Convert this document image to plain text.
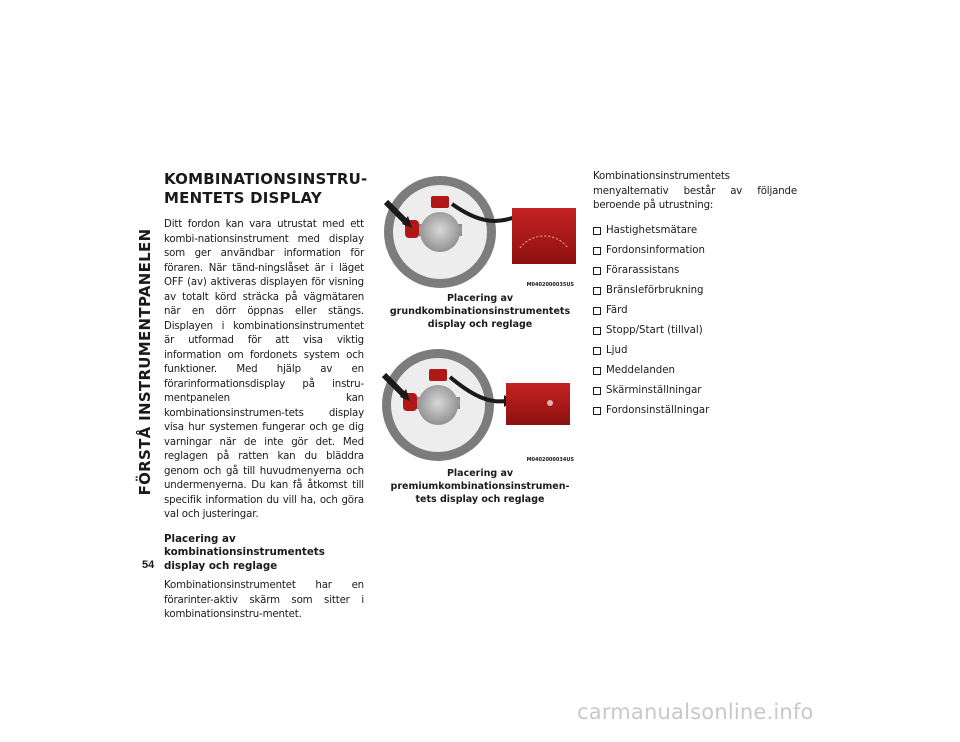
FÖRSTÅ INSTRUMENTPANELEN
54
KOMBINATIONSINSTRU-
MENTETS DISPLAY

Ditt fordon kan vara utrustat med ett kombi-nationsinstrument med display som ger användbar information för föraren. När tänd-ningslåset är i läget OFF (av) aktiveras displayen för visning av totalt körd sträcka på vägmätaren när en dörr öppnas eller stängs. Displayen i kombinationsinstrumentet är utformad för att visa viktig information om fordonets system och funktioner. Med hjälp av en förarinformationsdisplay på instru-mentpanelen kan kombinationsinstrumen-tets display visa hur systemen fungerar och ge dig varningar när de inte gör det. Med reglagen på ratten kan du bläddra genom och gå till huvudmenyerna och undermenyerna. Du kan få åtkomst till specifik information du vill ha, och göra val och justeringar.

Placering av kombinationsinstrumentets display och reglage

Kombinationsinstrumentet har en förarinter-aktiv skärm som sitter i kombinationsinstru-mentet.

M0402000035US
Placering av grundkombinationsinstrumentets display och reglage
M0402000034US
Placering av premiumkombinationsinstrumen-tets display och reglage

Kombinationsinstrumentets menyalternativ består av följande beroende på utrustning:

Hastighetsmätare
Fordonsinformation
Förarassistans
Bränsleförbrukning
Färd
Stopp/Start (tillval)
Ljud
Meddelanden
Skärminställningar
Fordonsinställningar
carmanualsonline.info
